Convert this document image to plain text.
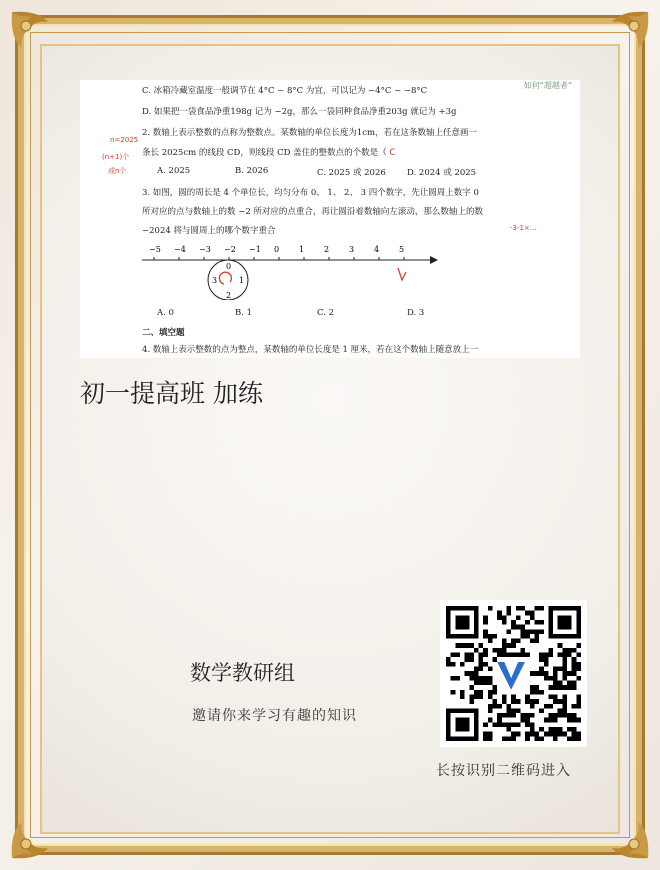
如何“超越者”
C. 冰箱冷藏室温度一般调节在 4°C ~ 8°C 为宜，可以记为 −4°C ~ −8°C
D. 如果把一袋食品净重198g 记为 −2g，那么一袋同种食品净重203g 就记为 +3g
2. 数轴上表示整数的点称为整数点。某数轴的单位长度为1cm，若在这条数轴上任意画一
条长 2025cm 的线段 CD，则线段 CD 盖住的整数点的个数是（ C
A. 2025	B. 2026	C. 2025 或 2026 D. 2024 或 2025
3. 如图，圆的周长是 4 个单位长，均匀分布 0、 1、 2、 3 四个数字，先让圆周上数字 0
所对应的点与数轴上的数 −2 所对应的点重合，再让圆沿着数轴向左滚动，那么数轴上的数
−2024 将与圆周上的哪个数字重合
−5 −4 −3 −2 −1 0 1 2 3 4 5
0
1
2
3
A. 0	B. 1	C. 2	D. 3
二、填空题
4. 数轴上表示整数的点为整点，某数轴的单位长度是 1 厘米，若在这个数轴上随意放上一
n=2025
(n+1)个
或n个
-3-1×…
初一提高班 加练
数学教研组
邀请你来学习有趣的知识
长按识别二维码进入
